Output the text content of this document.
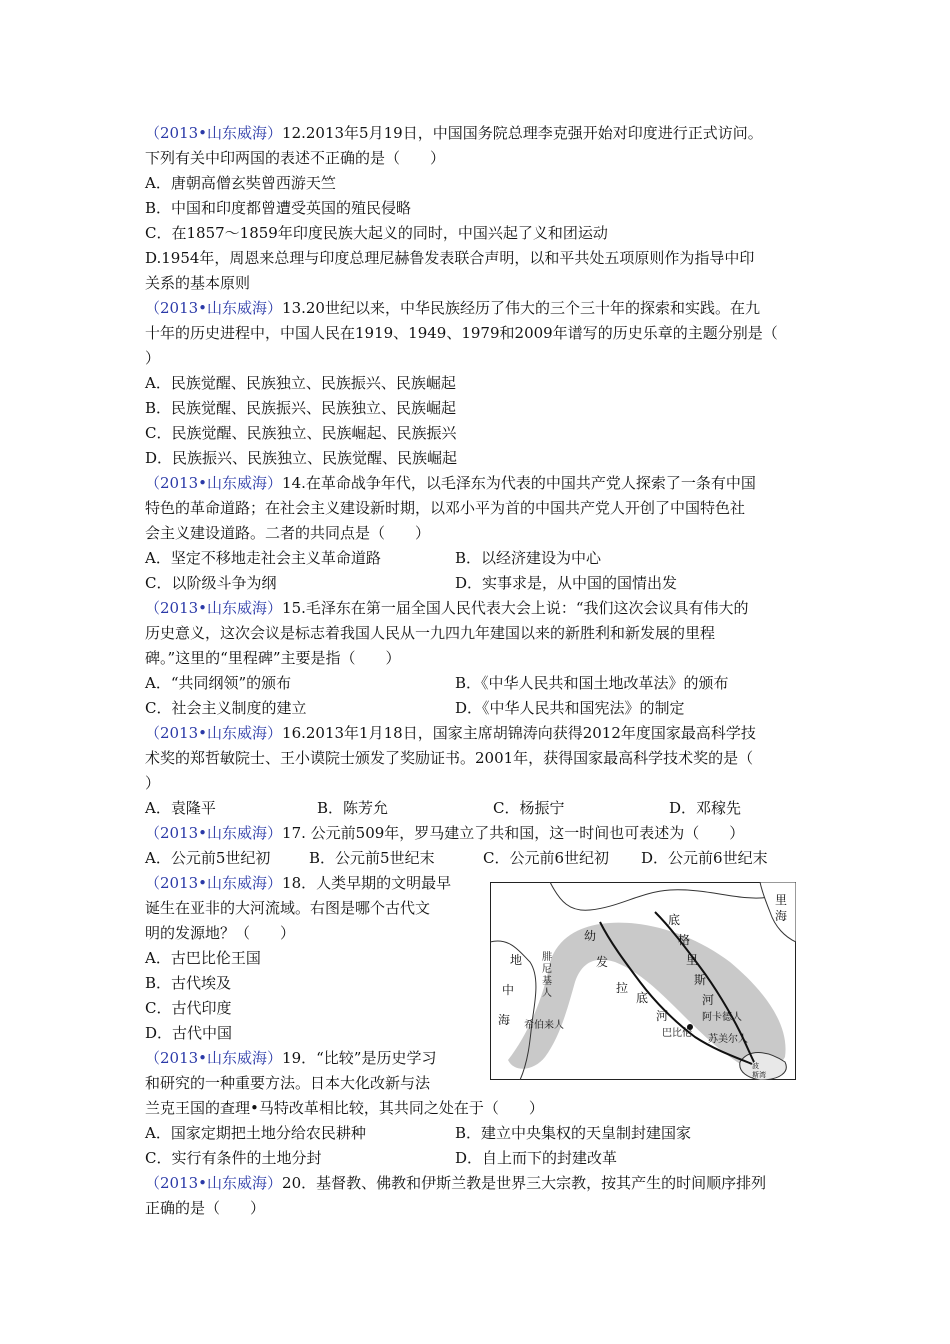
（2013•山东威海）12.2013年5月19日，中国国务院总理李克强开始对印度进行正式访问。
下列有关中印两国的表述不正确的是（　　）
A．唐朝高僧玄奘曾西游天竺
B．中国和印度都曾遭受英国的殖民侵略
C．在1857～1859年印度民族大起义的同时，中国兴起了义和团运动
D.1954年，周恩来总理与印度总理尼赫鲁发表联合声明，以和平共处五项原则作为指导中印
关系的基本原则
（2013•山东威海）13.20世纪以来，中华民族经历了伟大的三个三十年的探索和实践。在九
十年的历史进程中，中国人民在1919、1949、1979和2009年谱写的历史乐章的主题分别是（
）
A．民族觉醒、民族独立、民族振兴、民族崛起
B．民族觉醒、民族振兴、民族独立、民族崛起
C．民族觉醒、民族独立、民族崛起、民族振兴
D．民族振兴、民族独立、民族觉醒、民族崛起
（2013•山东威海）14.在革命战争年代，以毛泽东为代表的中国共产党人探索了一条有中国
特色的革命道路；在社会主义建设新时期，以邓小平为首的中国共产党人开创了中国特色社
会主义建设道路。二者的共同点是（　　）
A．坚定不移地走社会主义革命道路	B．以经济建设为中心
C．以阶级斗争为纲	D．实事求是，从中国的国情出发
（2013•山东威海）15.毛泽东在第一届全国人民代表大会上说：“我们这次会议具有伟大的
历史意义，这次会议是标志着我国人民从一九四九年建国以来的新胜利和新发展的里程
碑。”这里的“里程碑”主要是指（　　）
A．“共同纲领”的颁布	B．《中华人民共和国土地改革法》的颁布
C．社会主义制度的建立	D．《中华人民共和国宪法》的制定
（2013•山东威海）16.2013年1月18日，国家主席胡锦涛向获得2012年度国家最高科学技
术奖的郑哲敏院士、王小谟院士颁发了奖励证书。2001年，获得国家最高科学技术奖的是（
）
A．袁隆平	B．陈芳允	C．杨振宁	D．邓稼先
（2013•山东威海）17. 公元前509年，罗马建立了共和国，这一时间也可表述为（　　）
A．公元前5世纪初	B．公元前5世纪末	C．公元前6世纪初 D．公元前6世纪末
（2013•山东威海）18．人类早期的文明最早
诞生在亚非的大河流域。右图是哪个古代文
明的发源地？（　　）
A．古巴比伦王国
B．古代埃及
C．古代印度
D．古代中国
（2013•山东威海）19．“比较”是历史学习
和研究的一种重要方法。日本大化改新与法
兰克王国的查理•马特改革相比较，其共同之处在于（　　）
A．国家定期把土地分给农民耕种	B．建立中央集权的天皇制封建国家
C．实行有条件的土地分封	D．自上而下的封建改革
（2013•山东威海）20．基督教、佛教和伊斯兰教是世界三大宗教，按其产生的时间顺序排列
正确的是（　　）
里
海
地
中
海
腓
尼
基
人
希伯来人
幼
发
拉
底
河
底
格
里
斯
河
阿卡德人
巴比伦
苏美尔人
波
斯湾
